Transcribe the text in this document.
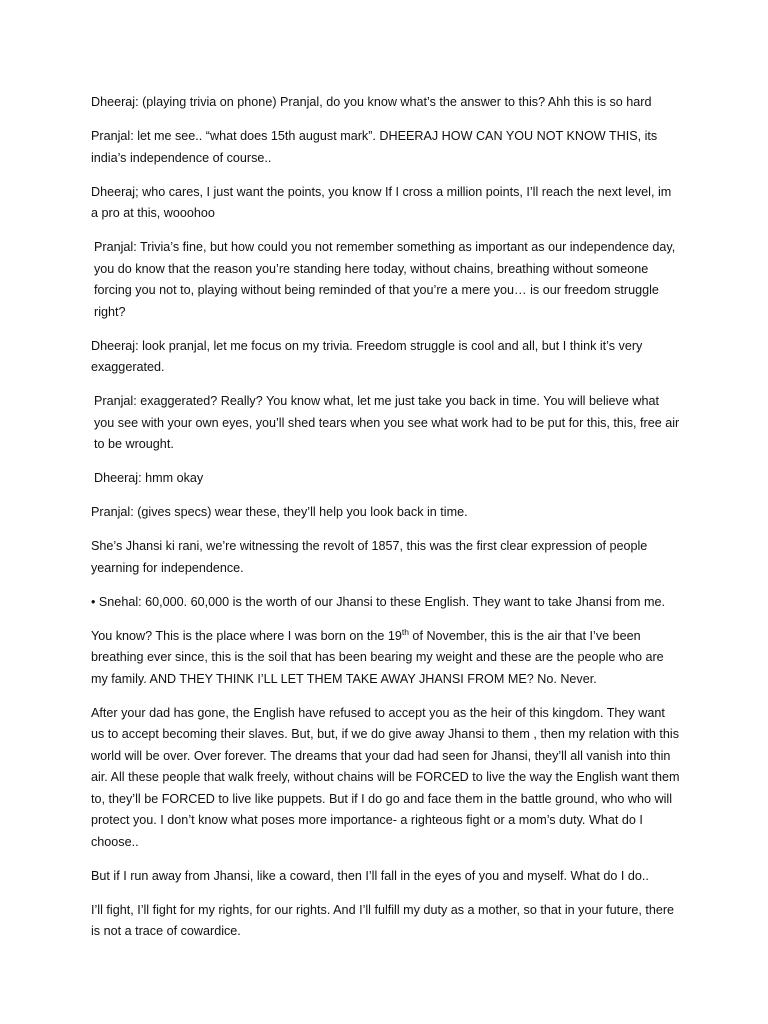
Dheeraj: (playing trivia on phone) Pranjal, do you know what’s the answer to this? Ahh this is so hard

Pranjal: let me see.. “what does 15th august mark”. DHEERAJ HOW CAN YOU NOT KNOW THIS, its india’s independence of course..

Dheeraj; who cares, I just want the points, you know If I cross a million points, I’ll reach the next level, im a pro at this, wooohoo

Pranjal: Trivia’s fine, but how could you not remember something as important as our independence day, you do know that the reason you’re standing here today, without chains, breathing without someone forcing you not to, playing without being reminded of that you’re a mere you… is our freedom struggle right?

Dheeraj: look pranjal, let me focus on my trivia. Freedom struggle is cool and all, but I think it’s very exaggerated.

Pranjal: exaggerated? Really? You know what, let me just take you back in time. You will believe what you see with your own eyes, you’ll shed tears when you see what work had to be put for this, this, free air to be wrought.

Dheeraj: hmm okay

Pranjal: (gives specs) wear these, they’ll help you look back in time.

She’s Jhansi ki rani, we’re witnessing the revolt of 1857, this was the first clear expression of people yearning for independence.

• Snehal: 60,000. 60,000 is the worth of our Jhansi to these English. They want to take Jhansi from me.

You know? This is the place where I was born on the 19th of November, this is the air that I’ve been breathing ever since, this is the soil that has been bearing my weight and these are the people who are my family. AND THEY THINK I’LL LET THEM TAKE AWAY JHANSI FROM ME? No. Never.

After your dad has gone, the English have refused to accept you as the heir of this kingdom. They want us to accept becoming their slaves. But, but, if we do give away Jhansi to them , then my relation with this world will be over. Over forever. The dreams that your dad had seen for Jhansi, they’ll all vanish into thin air. All these people that walk freely, without chains will be FORCED to live the way the English want them to, they’ll be FORCED to live like puppets. But if I do go and face them in the battle ground, who who will protect you. I don’t know what poses more importance- a righteous fight or a mom’s duty. What do I choose..

But if I run away from Jhansi, like a coward, then I’ll fall in the eyes of you and myself. What do I do..

I’ll fight, I’ll fight for my rights, for our rights. And I’ll fulfill my duty as a mother, so that in your future, there is not a trace of cowardice.
